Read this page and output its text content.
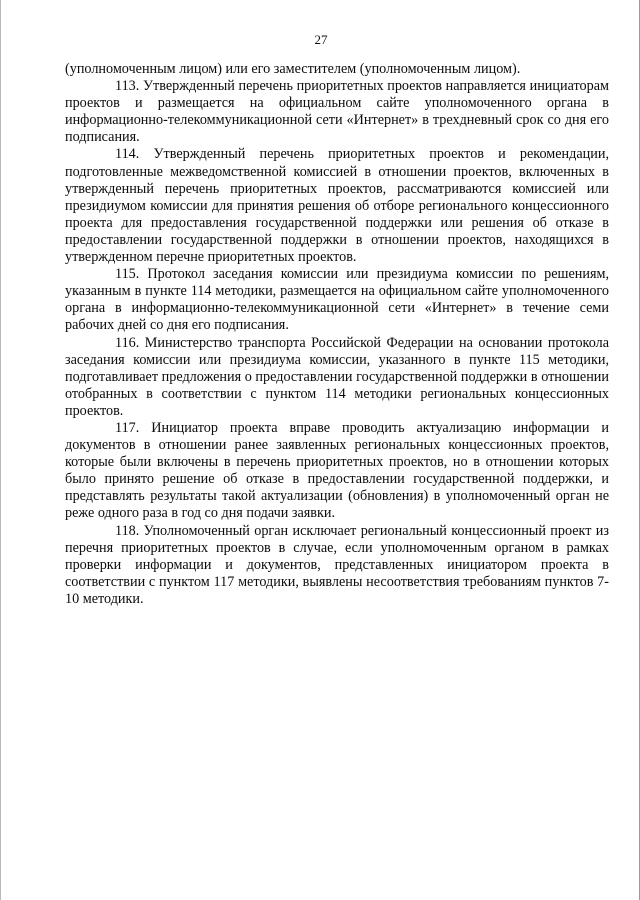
27

(уполномоченным лицом) или его заместителем (уполномоченным лицом).

113. Утвержденный перечень приоритетных проектов направляется инициаторам проектов и размещается на официальном сайте уполномоченного органа в информационно-телекоммуникационной сети «Интернет» в трехдневный срок со дня его подписания.

114. Утвержденный перечень приоритетных проектов и рекомендации, подготовленные межведомственной комиссией в отношении проектов, включенных в утвержденный перечень приоритетных проектов, рассматриваются комиссией или президиумом комиссии для принятия решения об отборе регионального концессионного проекта для предоставления государственной поддержки или решения об отказе в предоставлении государственной поддержки в отношении проектов, находящихся в утвержденном перечне приоритетных проектов.

115. Протокол заседания комиссии или президиума комиссии по решениям, указанным в пункте 114 методики, размещается на официальном сайте уполномоченного органа в информационно-телекоммуникационной сети «Интернет» в течение семи рабочих дней со дня его подписания.

116. Министерство транспорта Российской Федерации на основании протокола заседания комиссии или президиума комиссии, указанного в пункте 115 методики, подготавливает предложения о предоставлении государственной поддержки в отношении отобранных в соответствии с пунктом 114 методики региональных концессионных проектов.

117. Инициатор проекта вправе проводить актуализацию информации и документов в отношении ранее заявленных региональных концессионных проектов, которые были включены в перечень приоритетных проектов, но в отношении которых было принято решение об отказе в предоставлении государственной поддержки, и представлять результаты такой актуализации (обновления) в уполномоченный орган не реже одного раза в год со дня подачи заявки.

118. Уполномоченный орган исключает региональный концессионный проект из перечня приоритетных проектов в случае, если уполномоченным органом в рамках проверки информации и документов, представленных инициатором проекта в соответствии с пунктом 117 методики, выявлены несоответствия требованиям пунктов 7-10 методики.
